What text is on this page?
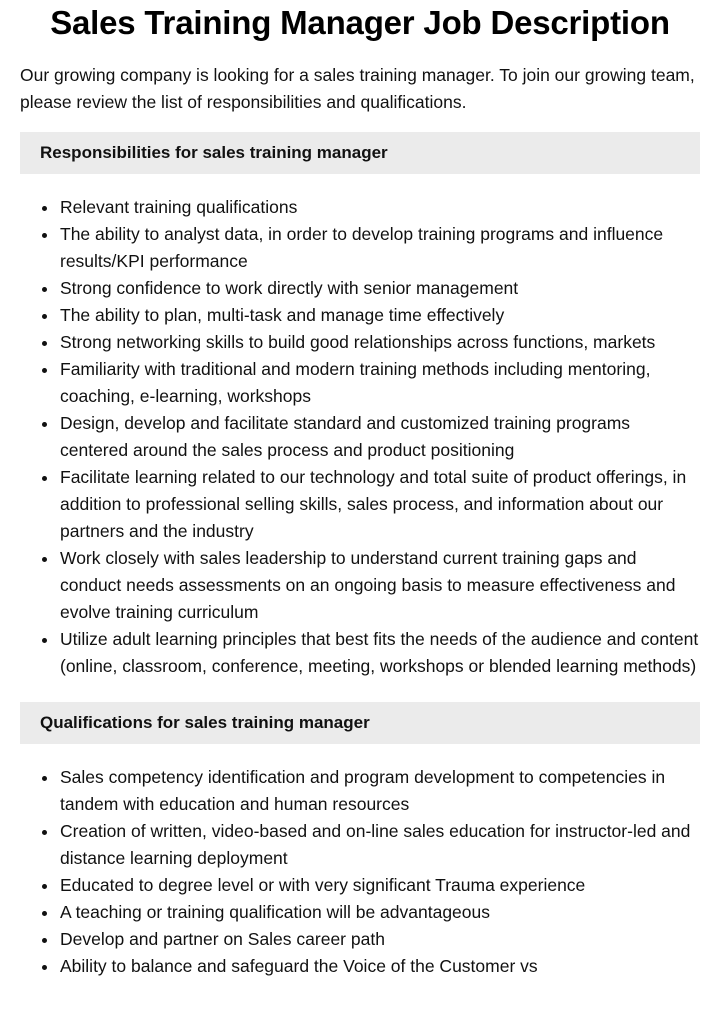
Sales Training Manager Job Description

Our growing company is looking for a sales training manager. To join our growing team, please review the list of responsibilities and qualifications.

Responsibilities for sales training manager
Relevant training qualifications
The ability to analyst data, in order to develop training programs and influence results/KPI performance
Strong confidence to work directly with senior management
The ability to plan, multi-task and manage time effectively
Strong networking skills to build good relationships across functions, markets
Familiarity with traditional and modern training methods including mentoring, coaching, e-learning, workshops
Design, develop and facilitate standard and customized training programs centered around the sales process and product positioning
Facilitate learning related to our technology and total suite of product offerings, in addition to professional selling skills, sales process, and information about our partners and the industry
Work closely with sales leadership to understand current training gaps and conduct needs assessments on an ongoing basis to measure effectiveness and evolve training curriculum
Utilize adult learning principles that best fits the needs of the audience and content (online, classroom, conference, meeting, workshops or blended learning methods)
Qualifications for sales training manager
Sales competency identification and program development to competencies in tandem with education and human resources
Creation of written, video-based and on-line sales education for instructor-led and distance learning deployment
Educated to degree level or with very significant Trauma experience
A teaching or training qualification will be advantageous
Develop and partner on Sales career path
Ability to balance and safeguard the Voice of the Customer vs
